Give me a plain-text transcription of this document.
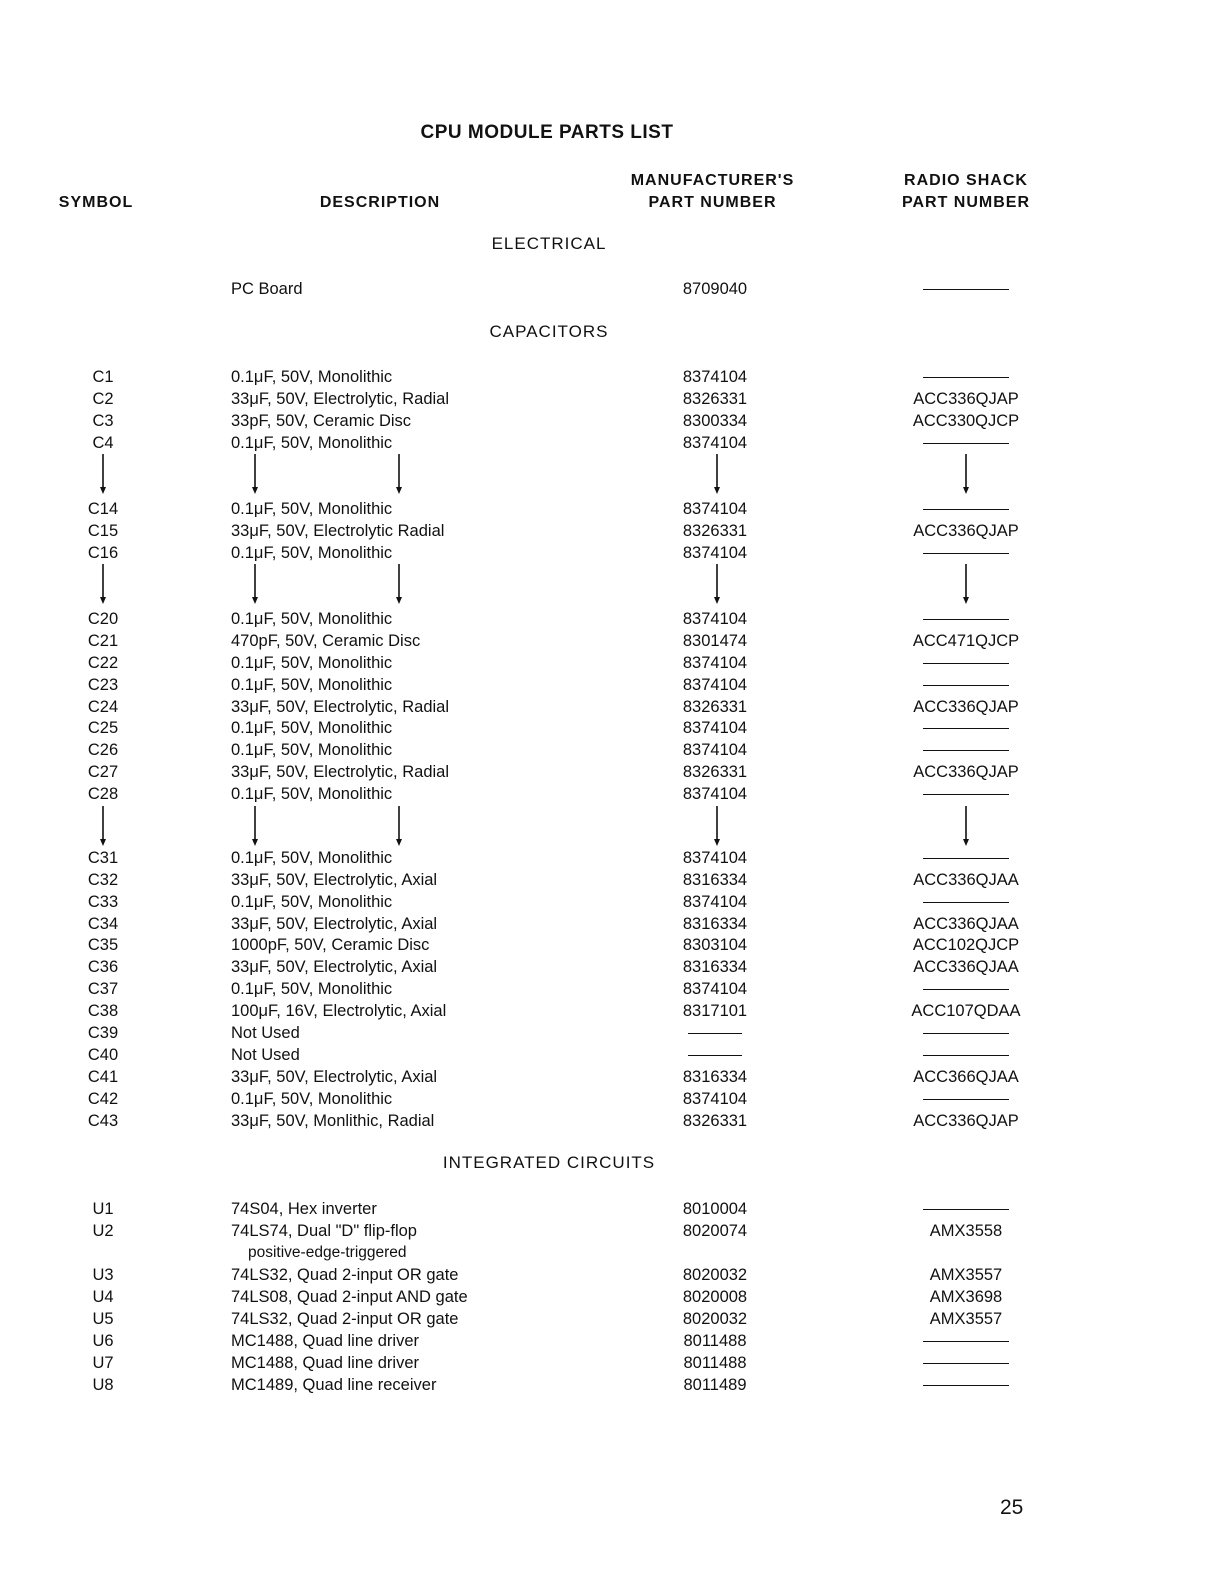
CPU MODULE PARTS LIST
SYMBOL	DESCRIPTION
MANUFACTURER'S
PART NUMBER
RADIO SHACK
PART NUMBER
ELECTRICAL
CAPACITORS
INTEGRATED CIRCUITS
PC Board	8709040
C1	0.1μF, 50V, Monolithic	8374104
C2	33μF, 50V, Electrolytic, Radial	8326331	ACC336QJAP
C3	33pF, 50V, Ceramic Disc	8300334	ACC330QJCP
C4	0.1μF, 50V, Monolithic	8374104
C14	0.1μF, 50V, Monolithic	8374104
C15	33μF, 50V, Electrolytic Radial	8326331	ACC336QJAP
C16	0.1μF, 50V, Monolithic	8374104
C20	0.1μF, 50V, Monolithic	8374104
C21	470pF, 50V, Ceramic Disc	8301474	ACC471QJCP
C22	0.1μF, 50V, Monolithic	8374104
C23	0.1μF, 50V, Monolithic	8374104
C24	33μF, 50V, Electrolytic, Radial	8326331	ACC336QJAP
C25	0.1μF, 50V, Monolithic	8374104
C26	0.1μF, 50V, Monolithic	8374104
C27	33μF, 50V, Electrolytic, Radial	8326331	ACC336QJAP
C28	0.1μF, 50V, Monolithic	8374104
C31	0.1μF, 50V, Monolithic	8374104
C32	33μF, 50V, Electrolytic, Axial	8316334	ACC336QJAA
C33	0.1μF, 50V, Monolithic	8374104
C34	33μF, 50V, Electrolytic, Axial	8316334	ACC336QJAA
C35	1000pF, 50V, Ceramic Disc	8303104	ACC102QJCP
C36	33μF, 50V, Electrolytic, Axial	8316334	ACC336QJAA
C37	0.1μF, 50V, Monolithic	8374104
C38	100μF, 16V, Electrolytic, Axial	8317101	ACC107QDAA
C39	Not Used
C40	Not Used
C41	33μF, 50V, Electrolytic, Axial	8316334	ACC366QJAA
C42	0.1μF, 50V, Monolithic	8374104
C43	33μF, 50V, Monlithic, Radial	8326331	ACC336QJAP
U1	74S04, Hex inverter	8010004
U2	74LS74, Dual "D" flip-flop	8020074	AMX3558
positive-edge-triggered
U3	74LS32, Quad 2-input OR gate	8020032	AMX3557
U4	74LS08, Quad 2-input AND gate	8020008	AMX3698
U5	74LS32, Quad 2-input OR gate	8020032	AMX3557
U6	MC1488, Quad line driver	8011488
U7	MC1488, Quad line driver	8011488
U8	MC1489, Quad line receiver	8011489
25
